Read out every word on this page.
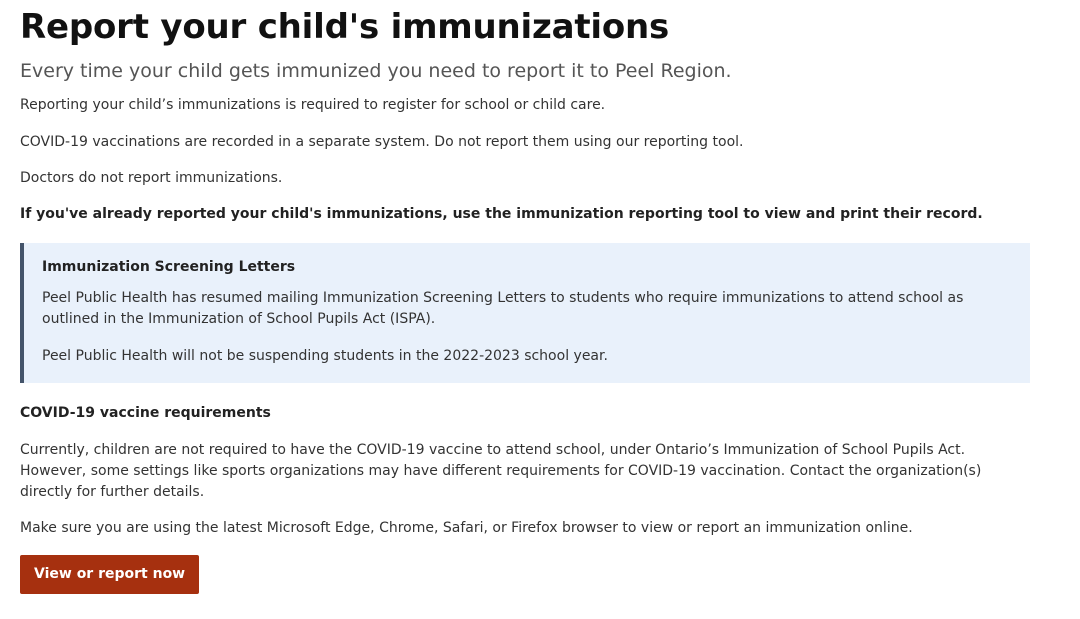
Report your child's immunizations
Every time your child gets immunized you need to report it to Peel Region.

Reporting your child’s immunizations is required to register for school or child care.

COVID-19 vaccinations are recorded in a separate system. Do not report them using our reporting tool.

Doctors do not report immunizations.

If you've already reported your child's immunizations, use the immunization reporting tool to view and print their record.

Immunization Screening Letters

Peel Public Health has resumed mailing Immunization Screening Letters to students who require immunizations to attend school as outlined in the Immunization of School Pupils Act (ISPA).

Peel Public Health will not be suspending students in the 2022-2023 school year.

COVID-19 vaccine requirements

Currently, children are not required to have the COVID-19 vaccine to attend school, under Ontario’s Immunization of School Pupils Act. However, some settings like sports organizations may have different requirements for COVID-19 vaccination. Contact the organization(s) directly for further details.

Make sure you are using the latest Microsoft Edge, Chrome, Safari, or Firefox browser to view or report an immunization online.

View or report now
